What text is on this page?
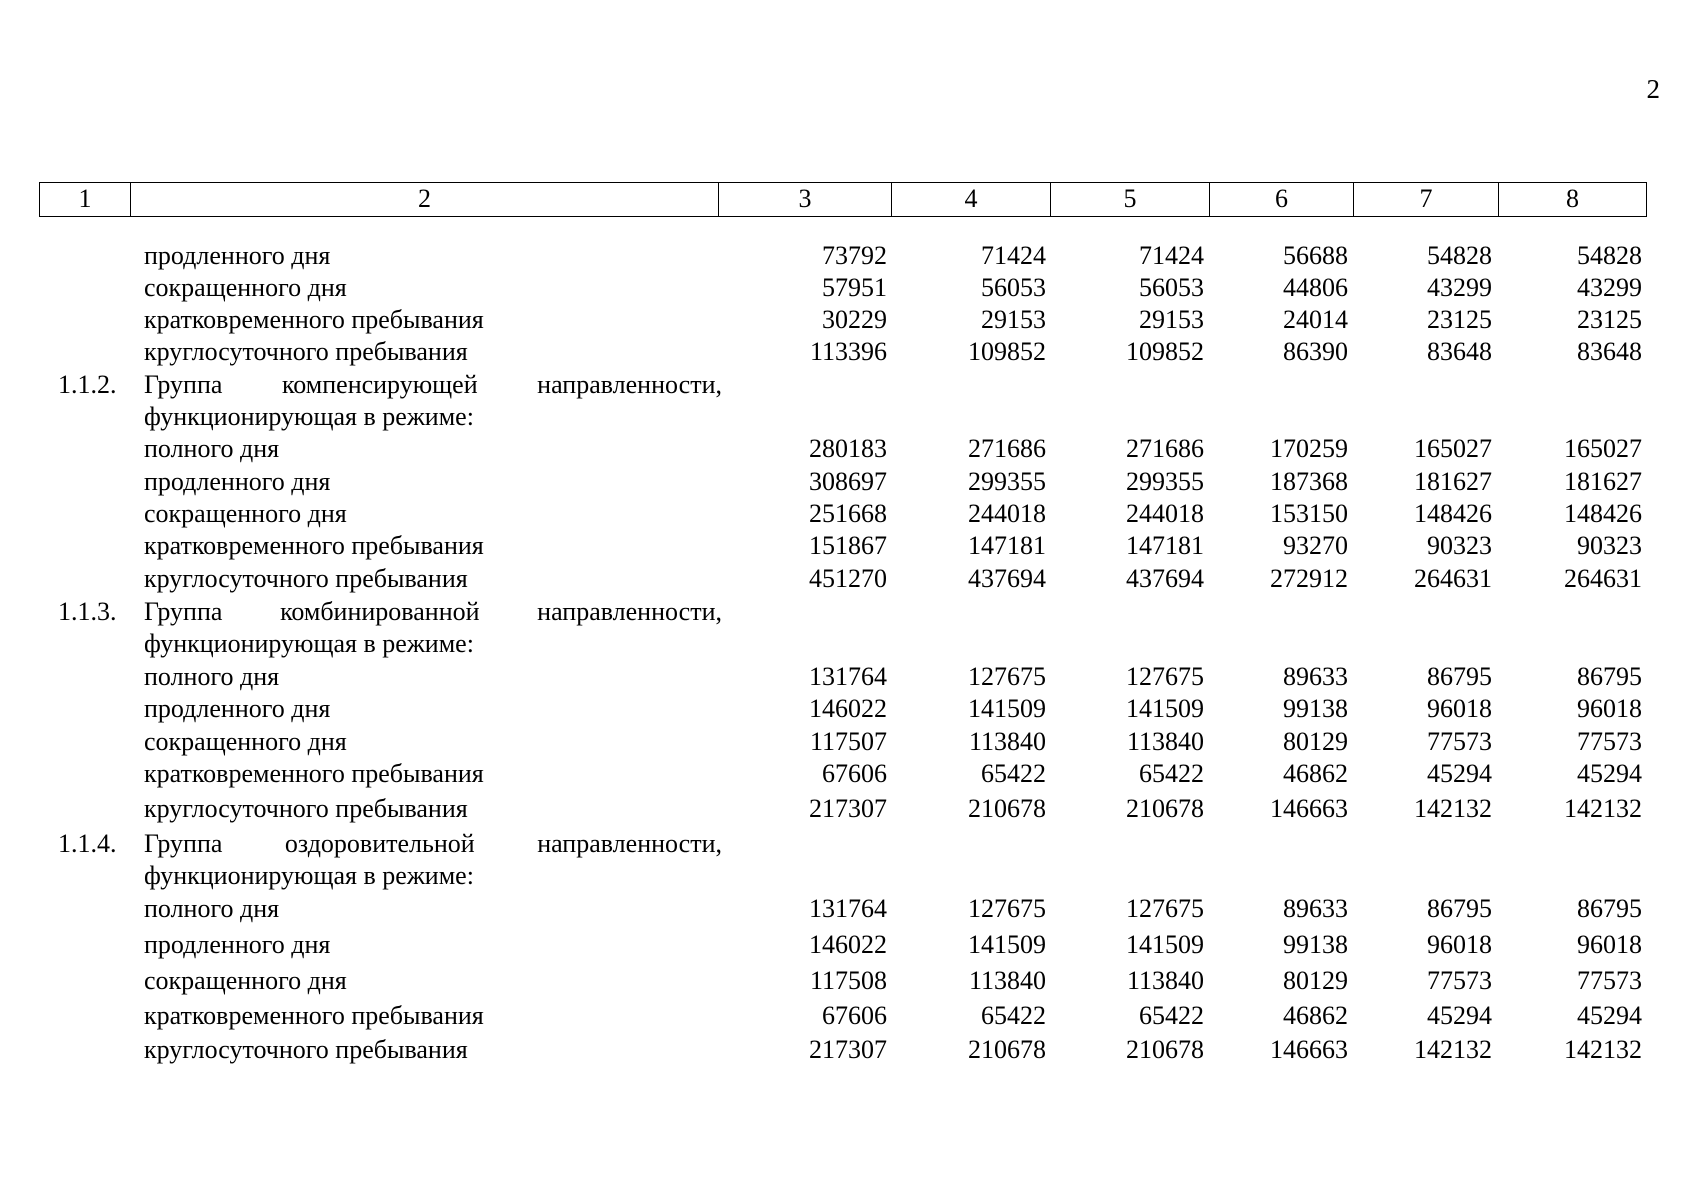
2
1	2	3	4	5	6	7	8
продленного дня	73792	71424	71424	56688	54828	54828
сокращенного дня	57951	56053	56053	44806	43299	43299
кратковременного пребывания	30229	29153	29153	24014	23125	23125
круглосуточного пребывания	113396	109852	109852	86390	83648	83648
1.1.2.	Группа компенсирующей направленности,
функционирующая в режиме:
полного дня	280183	271686	271686	170259	165027	165027
продленного дня	308697	299355	299355	187368	181627	181627
сокращенного дня	251668	244018	244018	153150	148426	148426
кратковременного пребывания	151867	147181	147181	93270	90323	90323
круглосуточного пребывания	451270	437694	437694	272912	264631	264631
1.1.3.	Группа комбинированной направленности,
функционирующая в режиме:
полного дня	131764	127675	127675	89633	86795	86795
продленного дня	146022	141509	141509	99138	96018	96018
сокращенного дня	117507	113840	113840	80129	77573	77573
кратковременного пребывания	67606	65422	65422	46862	45294	45294
круглосуточного пребывания	217307	210678	210678	146663	142132	142132
1.1.4.	Группа оздоровительной направленности,
функционирующая в режиме:
полного дня	131764	127675	127675	89633	86795	86795
продленного дня	146022	141509	141509	99138	96018	96018
сокращенного дня	117508	113840	113840	80129	77573	77573
кратковременного пребывания	67606	65422	65422	46862	45294	45294
круглосуточного пребывания	217307	210678	210678	146663	142132	142132
